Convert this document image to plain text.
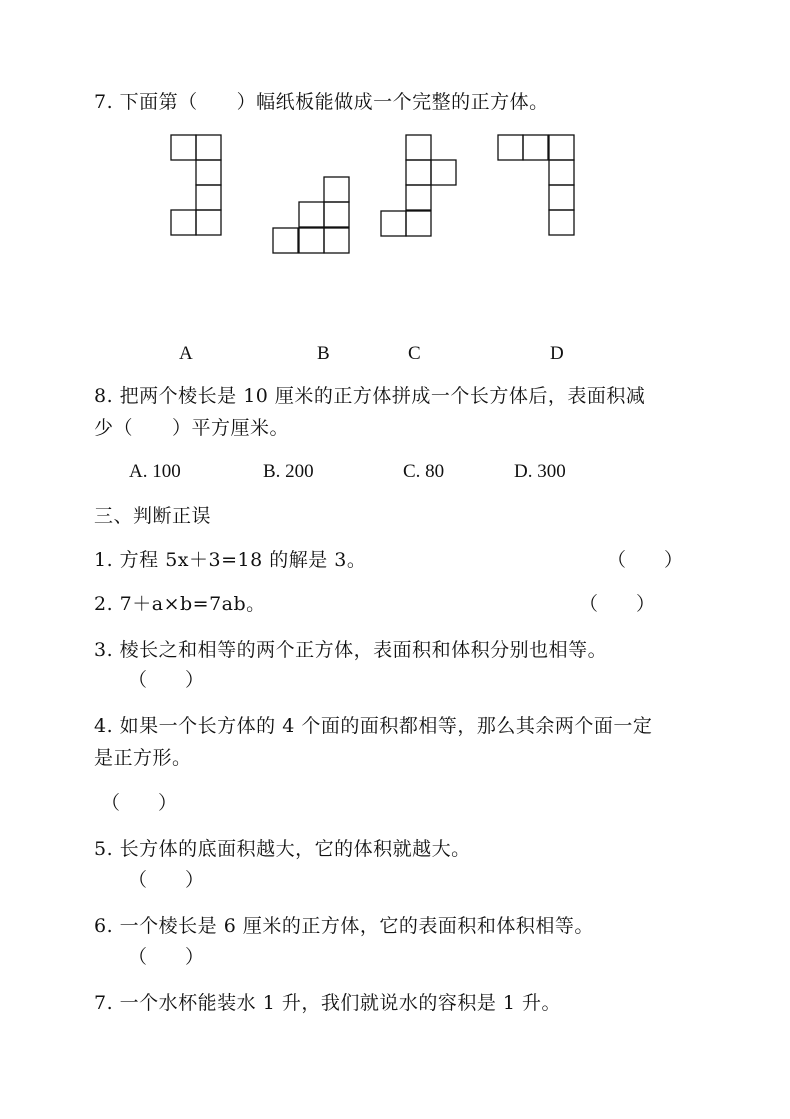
7. 下面第（　　）幅纸板能做成一个完整的正方体。
A	B	C	D
8. 把两个棱长是 10 厘米的正方体拼成一个长方体后，表面积减
少（　　）平方厘米。
A. 100	B. 200	C. 80	D. 300
三、判断正误
1. 方程 5x＋3=18 的解是 3。	（　　）
2. 7＋a×b=7ab。	（　　）
3. 棱长之和相等的两个正方体，表面积和体积分别也相等。
（　　）
4. 如果一个长方体的 4 个面的面积都相等，那么其余两个面一定
是正方形。
（　　）
5. 长方体的底面积越大，它的体积就越大。
（　　）
6. 一个棱长是 6 厘米的正方体，它的表面积和体积相等。
（　　）
7. 一个水杯能装水 1 升，我们就说水的容积是 1 升。
